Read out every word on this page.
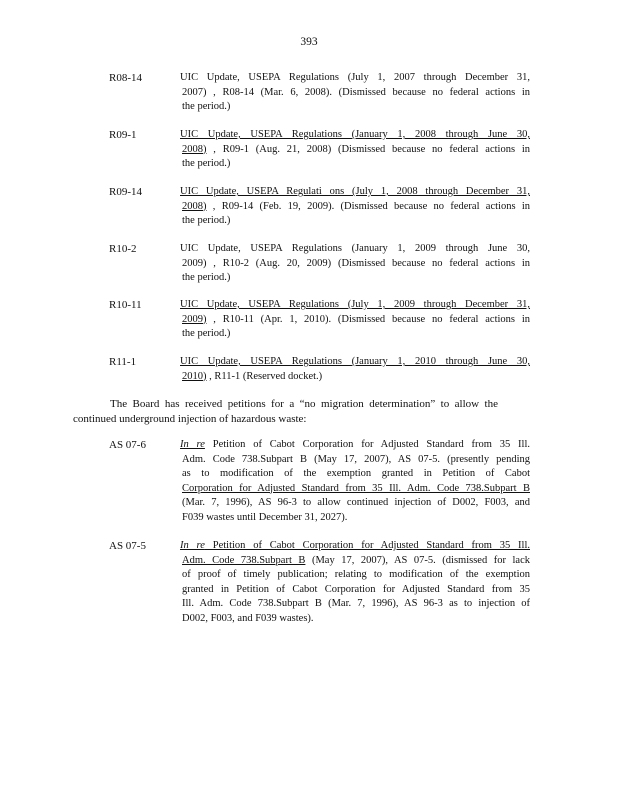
393
R08-14	UIC Update, USEPA Regulations (July 1, 2007 through December 31,
2007) , R08-14 (Mar. 6, 2008). (Dismissed because no federal actions in
the period.)
R09-1	UIC Update, USEPA Regulations (January 1, 2008 through June 30,
2008) , R09-1 (Aug. 21, 2008) (Dismissed because no federal actions in
the period.)
R09-14	UIC Update, USEPA Regulati ons (July 1, 2008 through December 31,
2008) , R09-14 (Feb. 19, 2009). (Dismissed because no federal actions in
the period.)
R10-2	UIC Update, USEPA Regulations (January 1, 2009 through June 30,
2009) , R10-2 (Aug. 20, 2009) (Dismissed because no federal actions in
the period.)
R10-11	UIC Update, USEPA Regulations (July 1, 2009 through December 31,
2009) , R10-11 (Apr. 1, 2010). (Dismissed because no federal actions in
the period.)
R11-1	UIC Update, USEPA Regulations (January 1, 2010 through June 30,
2010) , R11-1 (Reserved docket.)
The Board has received petitions for a “no migration determination” to allow the
continued underground injection of hazardous waste:
AS 07-6	In re Petition of Cabot Corporation for Adjusted Standard from 35 Ill.
Adm. Code 738.Subpart B (May 17, 2007), AS 07-5. (presently pending
as to modification of the exemption granted in Petition of Cabot
Corporation for Adjusted Standard from 35 Ill. Adm. Code 738.Subpart B
(Mar. 7, 1996), AS 96-3 to allow continued injection of D002, F003, and
F039 wastes until December 31, 2027).
AS 07-5	In re Petition of Cabot Corporation for Adjusted Standard from 35 Ill.
Adm. Code 738.Subpart B (May 17, 2007), AS 07-5. (dismissed for lack
of proof of timely publication; relating to modification of the exemption
granted in Petition of Cabot Corporation for Adjusted Standard from 35
Ill. Adm. Code 738.Subpart B (Mar. 7, 1996), AS 96-3 as to injection of
D002, F003, and F039 wastes).
